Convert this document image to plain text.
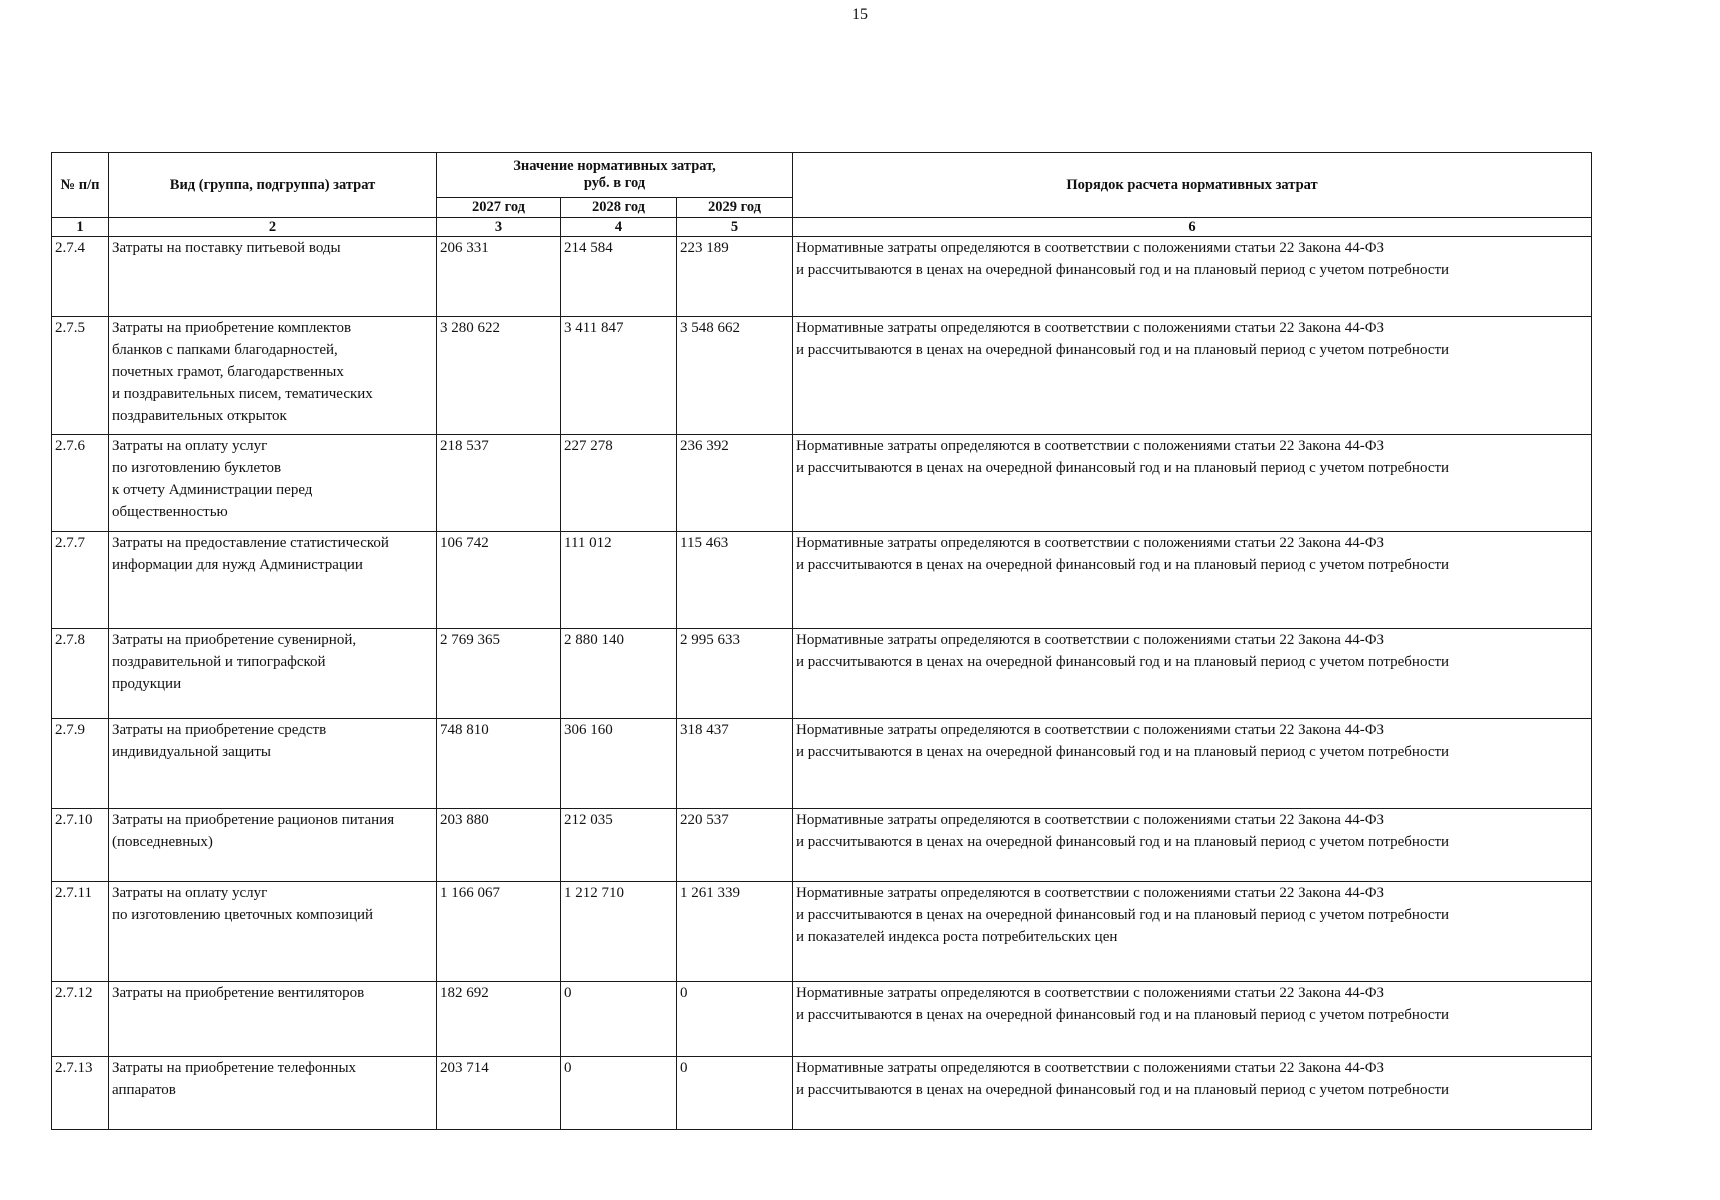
15
№ п/п	Вид (группа, подгруппа) затрат	Значение нормативных затрат,
руб. в год			Порядок расчета нормативных затрат
		2027 год	2028 год	2029 год	
1	2	3	4	5	6
2.7.4	Затраты на поставку питьевой воды	206 331	214 584	223 189	Нормативные затраты определяются в соответствии с положениями статьи 22 Закона 44-ФЗ
и рассчитываются в ценах на очередной финансовый год и на плановый период с учетом потребности
2.7.5	Затраты на приобретение комплектов
бланков с папками благодарностей,
почетных грамот, благодарственных
и поздравительных писем, тематических
поздравительных открыток	3 280 622	3 411 847	3 548 662	Нормативные затраты определяются в соответствии с положениями статьи 22 Закона 44-ФЗ
и рассчитываются в ценах на очередной финансовый год и на плановый период с учетом потребности
2.7.6	Затраты на оплату услуг
по изготовлению буклетов
к отчету Администрации перед
общественностью	218 537	227 278	236 392	Нормативные затраты определяются в соответствии с положениями статьи 22 Закона 44-ФЗ
и рассчитываются в ценах на очередной финансовый год и на плановый период с учетом потребности
2.7.7	Затраты на предоставление статистической
информации для нужд Администрации	106 742	111 012	115 463	Нормативные затраты определяются в соответствии с положениями статьи 22 Закона 44-ФЗ
и рассчитываются в ценах на очередной финансовый год и на плановый период с учетом потребности
2.7.8	Затраты на приобретение сувенирной,
поздравительной и типографской
продукции	2 769 365	2 880 140	2 995 633	Нормативные затраты определяются в соответствии с положениями статьи 22 Закона 44-ФЗ
и рассчитываются в ценах на очередной финансовый год и на плановый период с учетом потребности
2.7.9	Затраты на приобретение средств
индивидуальной защиты	748 810	306 160	318 437	Нормативные затраты определяются в соответствии с положениями статьи 22 Закона 44-ФЗ
и рассчитываются в ценах на очередной финансовый год и на плановый период с учетом потребности
2.7.10	Затраты на приобретение рационов питания
(повседневных)	203 880	212 035	220 537	Нормативные затраты определяются в соответствии с положениями статьи 22 Закона 44-ФЗ
и рассчитываются в ценах на очередной финансовый год и на плановый период с учетом потребности
2.7.11	Затраты на оплату услуг
по изготовлению цветочных композиций	1 166 067	1 212 710	1 261 339	Нормативные затраты определяются в соответствии с положениями статьи 22 Закона 44-ФЗ
и рассчитываются в ценах на очередной финансовый год и на плановый период с учетом потребности
и показателей индекса роста потребительских цен
2.7.12	Затраты на приобретение вентиляторов	182 692	0	0	Нормативные затраты определяются в соответствии с положениями статьи 22 Закона 44-ФЗ
и рассчитываются в ценах на очередной финансовый год и на плановый период с учетом потребности
2.7.13	Затраты на приобретение телефонных
аппаратов	203 714	0	0	Нормативные затраты определяются в соответствии с положениями статьи 22 Закона 44-ФЗ
и рассчитываются в ценах на очередной финансовый год и на плановый период с учетом потребности
